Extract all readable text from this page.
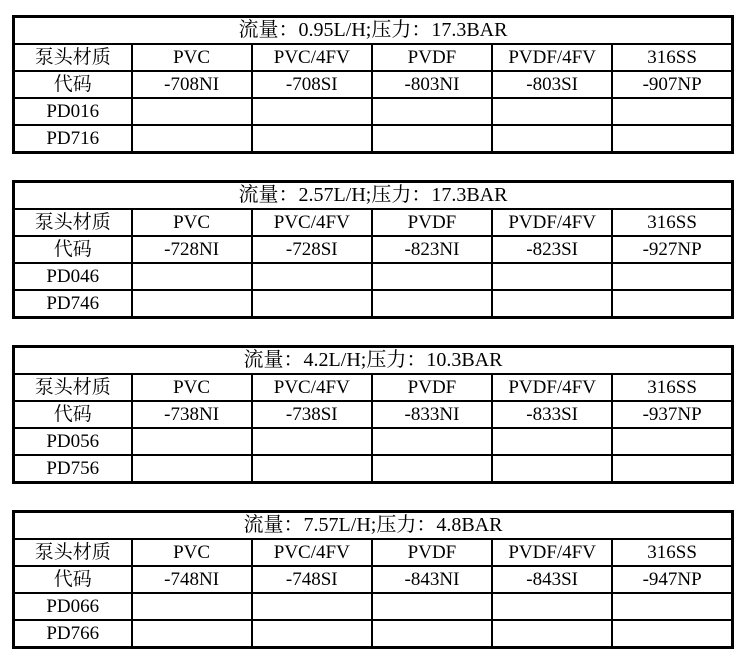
流量：0.95L/H;压力：17.3BAR					
泵头材质	PVC	PVC/4FV	PVDF	PVDF/4FV	316SS
代码	-708NI	-708SI	-803NI	-803SI	-907NP
PD016					
PD716					
流量：2.57L/H;压力：17.3BAR					
泵头材质	PVC	PVC/4FV	PVDF	PVDF/4FV	316SS
代码	-728NI	-728SI	-823NI	-823SI	-927NP
PD046					
PD746					
流量：4.2L/H;压力：10.3BAR					
泵头材质	PVC	PVC/4FV	PVDF	PVDF/4FV	316SS
代码	-738NI	-738SI	-833NI	-833SI	-937NP
PD056					
PD756					
流量：7.57L/H;压力：4.8BAR					
泵头材质	PVC	PVC/4FV	PVDF	PVDF/4FV	316SS
代码	-748NI	-748SI	-843NI	-843SI	-947NP
PD066					
PD766					
